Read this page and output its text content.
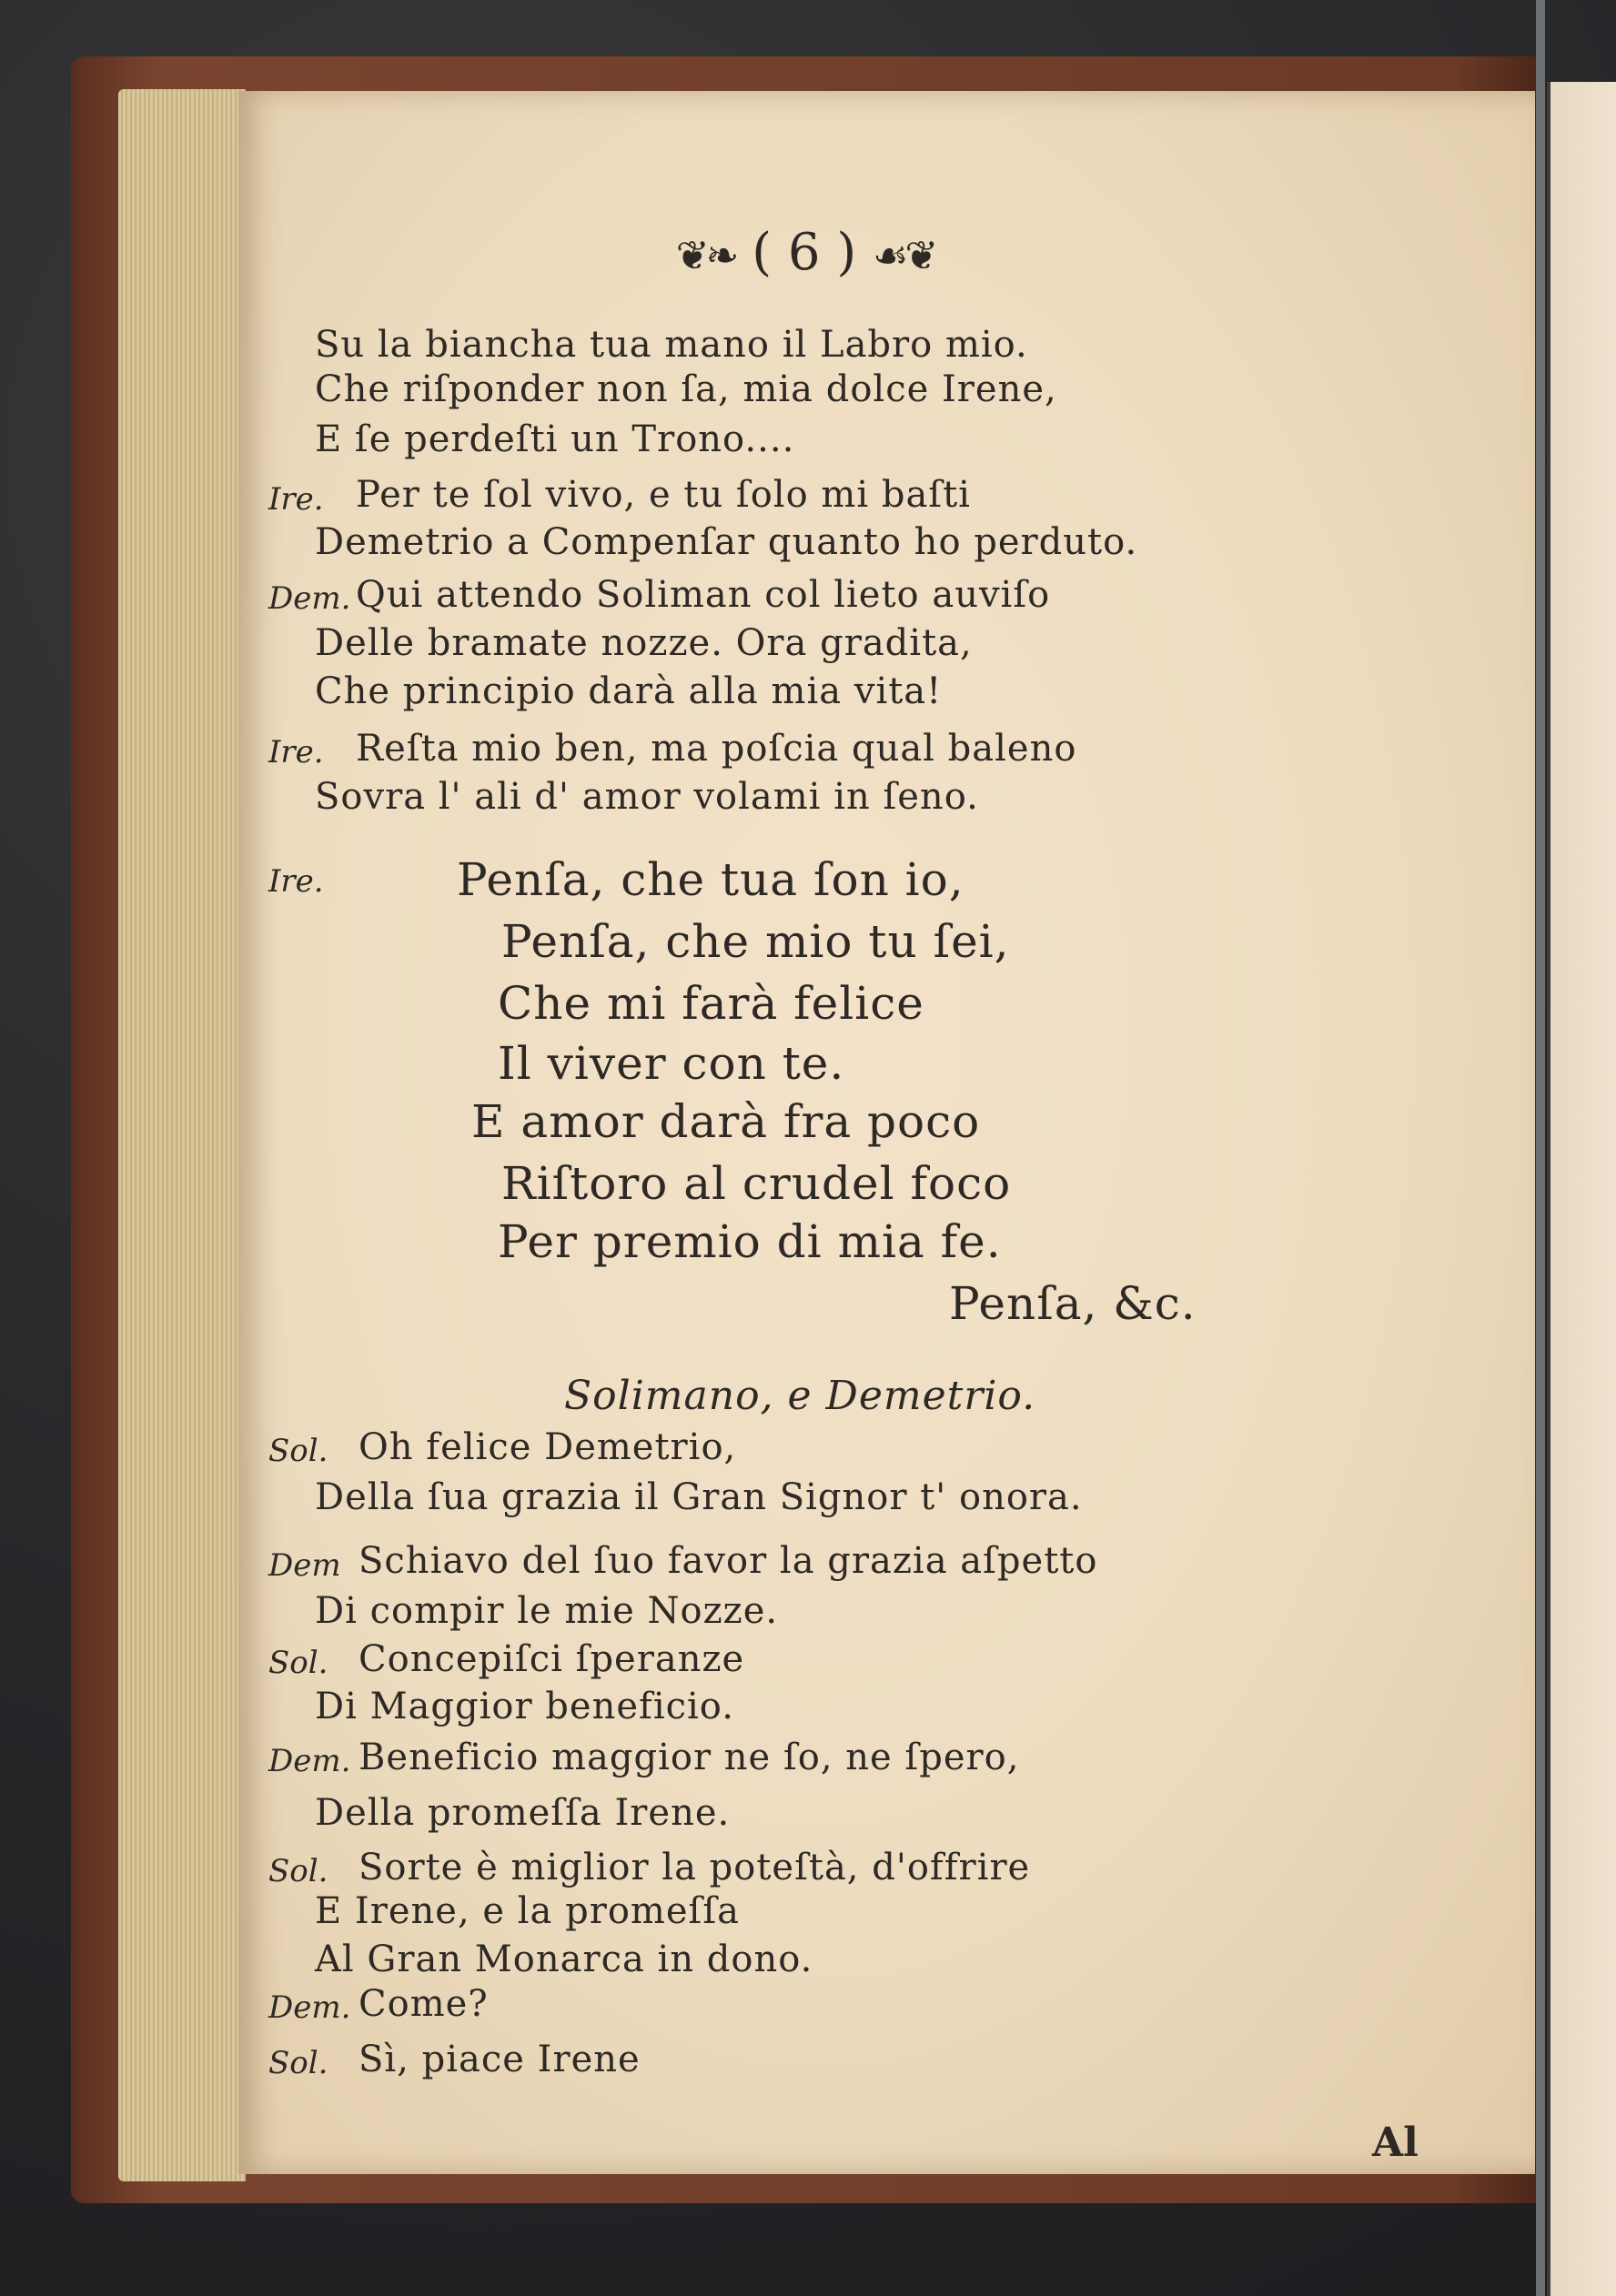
❦❧ ( 6 ) ☙❦
Al
Su la biancha tua mano il Labro mio.
Che riſponder non ſa, mia dolce Irene,
E ſe perdeſti un Trono....
Ire. Per te ſol vivo, e tu ſolo mi baſti
Demetrio a Compenſar quanto ho perduto.
Dem. Qui attendo Soliman col lieto auviſo
Delle bramate nozze. Ora gradita,
Che principio darà alla mia vita!
Ire. Reſta mio ben, ma poſcia qual baleno
Sovra l' ali d' amor volami in ſeno.
Ire.	Penſa, che tua ſon io,
Penſa, che mio tu ſei,
Che mi farà felice
Il viver con te.
E amor darà fra poco
Riſtoro al crudel foco
Per premio di mia fe.
Penſa, &c.
Solimano, e Demetrio.
Sol. Oh felice Demetrio,
Della ſua grazia il Gran Signor t' onora.
Dem Schiavo del ſuo favor la grazia aſpetto
Di compir le mie Nozze.
Sol. Concepiſci ſperanze
Di Maggior beneficio.
Dem. Beneficio maggior ne ſo, ne ſpero,
Della promeſſa Irene.
Sol. Sorte è miglior la poteſtà, d'offrire
E Irene, e la promeſſa
Al Gran Monarca in dono.
Dem. Come?
Sol. Sì, piace Irene
